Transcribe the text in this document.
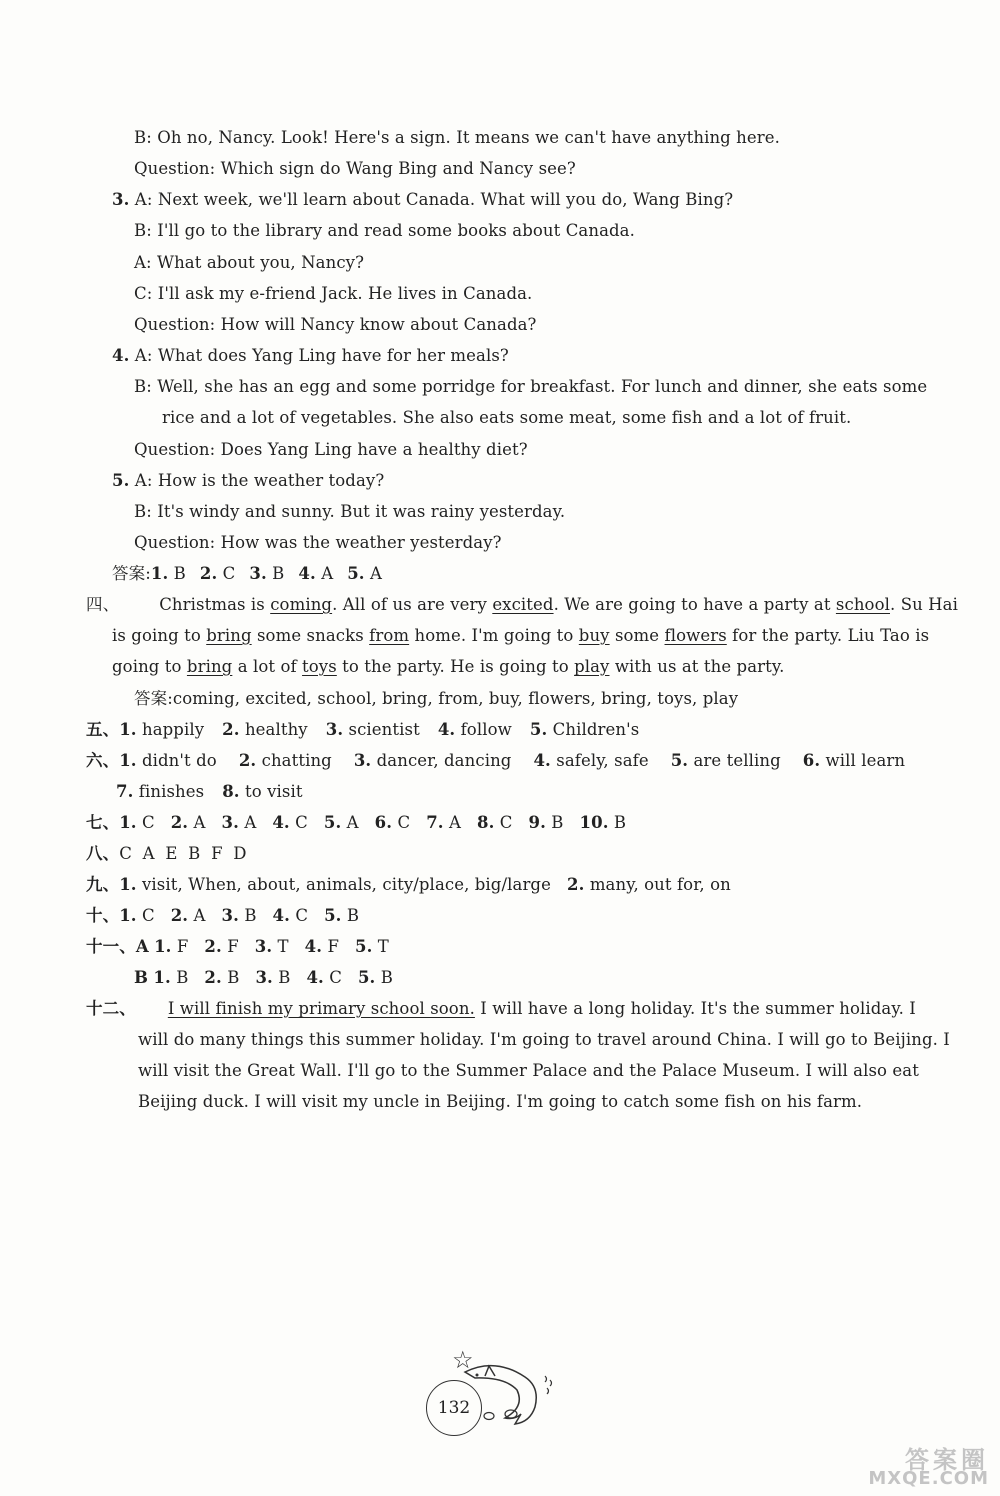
B: Oh no, Nancy. Look! Here's a sign. It means we can't have anything here.
Question: Which sign do Wang Bing and Nancy see?
3. A: Next week, we'll learn about Canada. What will you do, Wang Bing?
B: I'll go to the library and read some books about Canada.
A: What about you, Nancy?
C: I'll ask my e-friend Jack. He lives in Canada.
Question: How will Nancy know about Canada?
4. A: What does Yang Ling have for her meals?
B: Well, she has an egg and some porridge for breakfast. For lunch and dinner, she eats some
rice and a lot of vegetables. She also eats some meat, some fish and a lot of fruit.
Question: Does Yang Ling have a healthy diet?
5. A: How is the weather today?
B: It's windy and sunny. But it was rainy yesterday.
Question: How was the weather yesterday?
答案:1. B 2. C 3. B 4. A 5. A
四、 Christmas is coming. All of us are very excited. We are going to have a party at school. Su Hai
is going to bring some snacks from home. I'm going to buy some flowers for the party. Liu Tao is
going to bring a lot of toys to the party. He is going to play with us at the party.
答案:coming, excited, school, bring, from, buy, flowers, bring, toys, play
五、1. happily 2. healthy 3. scientist 4. follow 5. Children's
六、1. didn't do 2. chatting 3. dancer, dancing 4. safely, safe 5. are telling 6. will learn
7. finishes 8. to visit
七、1. C 2. A 3. A 4. C 5. A 6. C 7. A 8. C 9. B 10. B
八、C  A  E  B  F  D
九、1. visit, When, about, animals, city/place, big/large 2. many, out for, on
十、1. C 2. A 3. B 4. C 5. B
十一、A 1. F 2. F 3. T 4. F 5. T
B 1. B 2. B 3. B 4. C 5. B
十二、 I will finish my primary school soon. I will have a long holiday. It's the summer holiday. I
will do many things this summer holiday. I'm going to travel around China. I will go to Beijing. I
will visit the Great Wall. I'll go to the Summer Palace and the Palace Museum. I will also eat
Beijing duck. I will visit my uncle in Beijing. I'm going to catch some fish on his farm.
☆
132
答案圈
MXQE.COM
